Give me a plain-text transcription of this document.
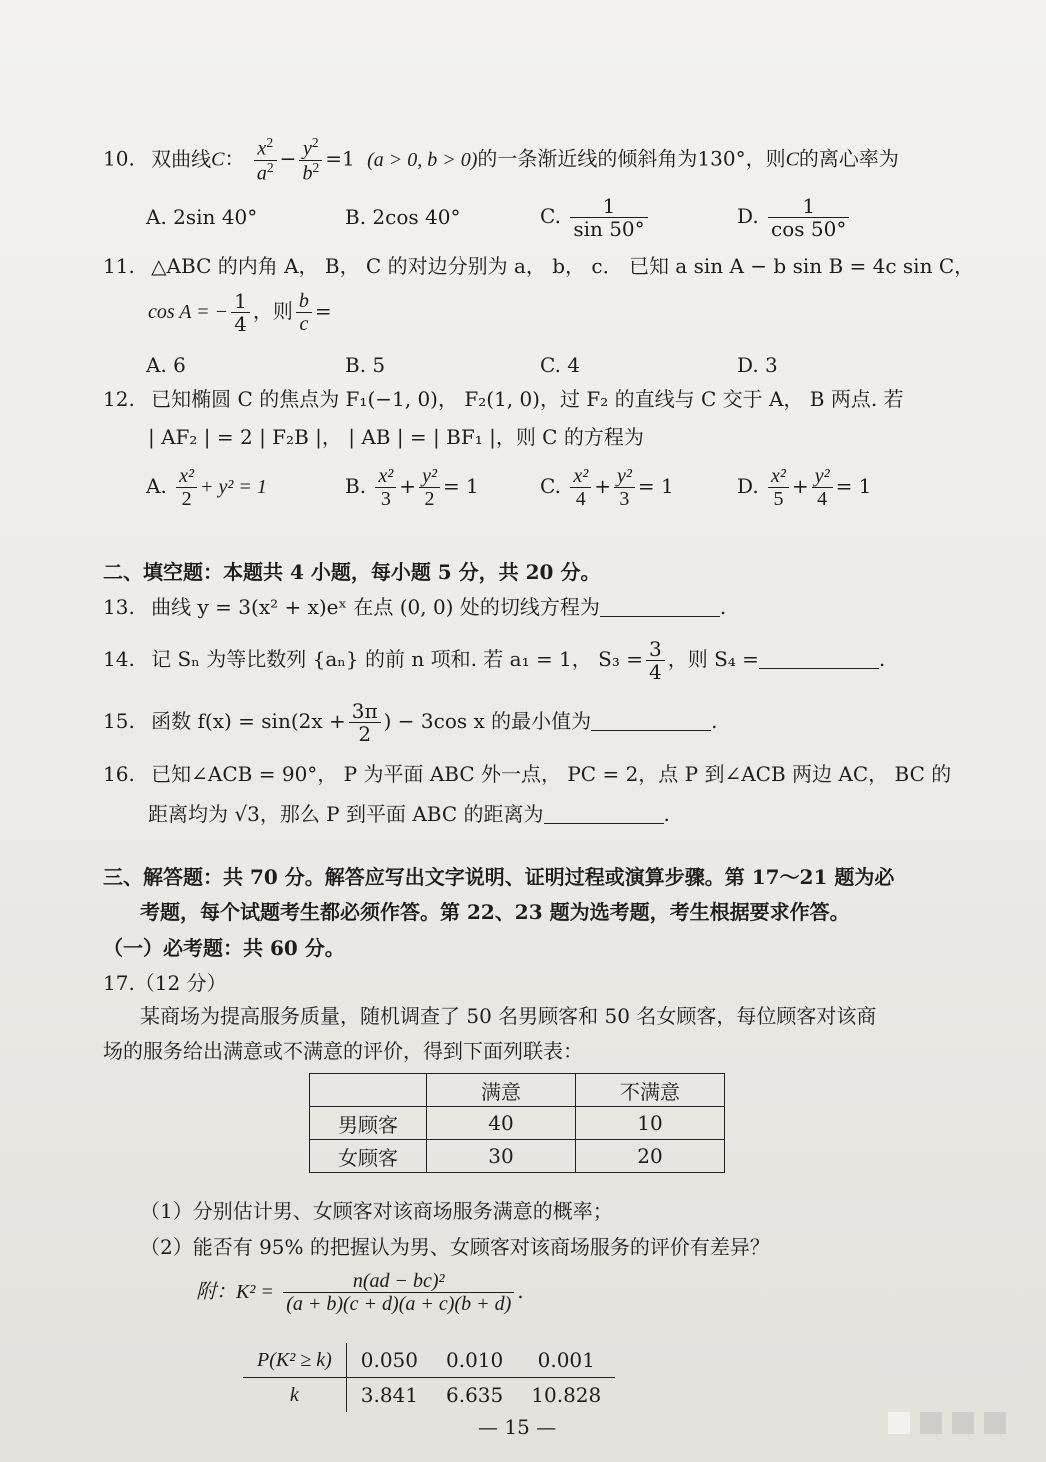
10. 双曲线C： $\frac{x^2}{a^2} - \frac{y^2}{b^2} =1$ (a > 0, b > 0)的一条渐近线的倾斜角为130°，则C的离心率为
A. 2sin 40°	B. 2cos 40°	C. $\frac{1}{\sin 50^\circ}$	D. $\frac{1}{\cos 50^\circ}$
11. △ABC 的内角 A， B， C 的对边分别为 a， b， c． 已知 a sin A − b sin B = 4c sin C，
cos A = − $\frac{1}{4}$ ，则 $\frac{b}{c}$ =
A. 6	B. 5	C. 4	D. 3
12. 已知椭圆 C 的焦点为 F₁(−1, 0)， F₂(1, 0)，过 F₂ 的直线与 C 交于 A， B 两点. 若
| AF₂ | = 2 | F₂B |， | AB | = | BF₁ |，则 C 的方程为
A. $\frac{\text{x²}}{2} + y^2 = 1$	B. $\frac{\text{x²}}{3} + \frac{\text{y²}}{2} = 1$	C. $\frac{\text{x²}}{4} + \frac{\text{y²}}{3} = 1$	D. $\frac{\text{x²}}{5} + \frac{\text{y²}}{4} = 1$
二、填空题：本题共 4 小题，每小题 5 分，共 20 分。
13. 曲线 y = 3(x² + x)eˣ 在点 (0, 0) 处的切线方程为	.
14. 记 Sₙ 为等比数列 {aₙ} 的前 n 项和. 若 a₁ = 1， $S_3 = \frac{3}{4}$ ，则 S₄ =	.
15. 函数 $f(x) = \sin(2x + \frac{3\pi}{2}$ ) − 3cos x 的最小值为	.
16. 已知∠ACB = 90°， P 为平面 ABC 外一点， PC = 2，点 P 到∠ACB 两边 AC， BC 的
距离均为 √3，那么 P 到平面 ABC 的距离为	.
三、解答题：共 70 分。解答应写出文字说明、证明过程或演算步骤。第 17～21 题为必
考题，每个试题考生都必须作答。第 22、23 题为选考题，考生根据要求作答。
（一）必考题：共 60 分。
17.（12 分）
某商场为提高服务质量，随机调查了 50 名男顾客和 50 名女顾客，每位顾客对该商
场的服务给出满意或不满意的评价，得到下面列联表：
	满意	不满意
男顾客	40	10
女顾客	30	20
（1）分别估计男、女顾客对该商场服务满意的概率；
（2）能否有 95% 的把握认为男、女顾客对该商场服务的评价有差异？
附：$K^2 = \frac{\text{n(ad − bc)²}}{(a + b)(c + d)(a + c)(b + d)}$ .
P(K² ≥ k)	0.050	0.010	0.001
k	3.841	6.635	10.828
— 15 —
